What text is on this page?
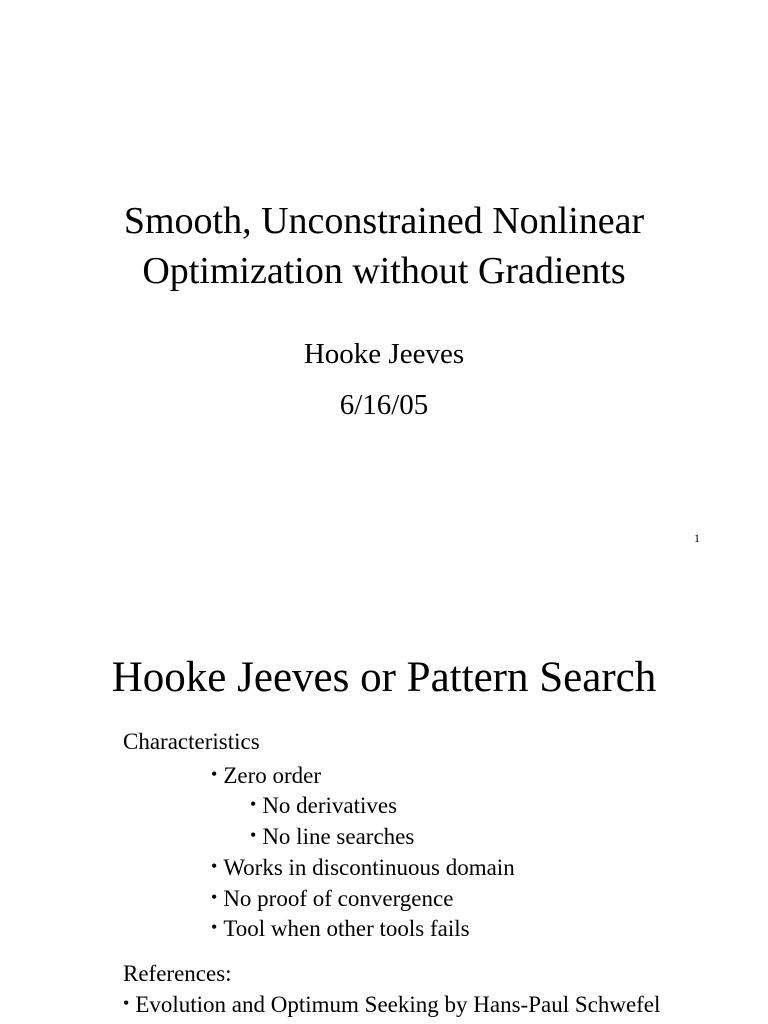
Smooth, Unconstrained Nonlinear
Optimization without Gradients
Hooke Jeeves
6/16/05
1
Hooke Jeeves or Pattern Search
Characteristics
• Zero order
• No derivatives
• No line searches
• Works in discontinuous domain
• No proof of convergence
• Tool when other tools fails
References:
• Evolution and Optimum Seeking by Hans-Paul Schwefel
